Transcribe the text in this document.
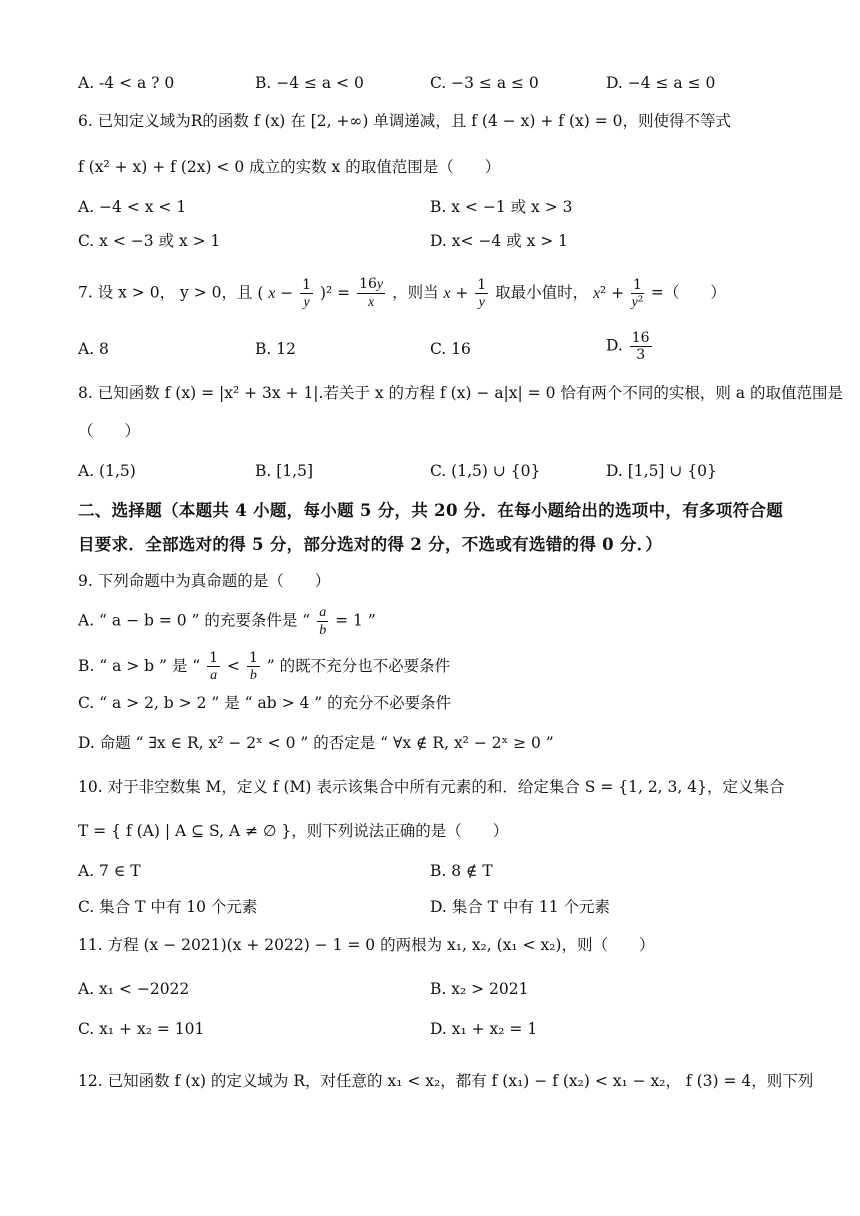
A. -4 < a ? 0	B. −4 ≤ a < 0	C. −3 ≤ a ≤ 0	D. −4 ≤ a ≤ 0
6. 已知定义域为R的函数 f (x) 在 [2, +∞) 单调递减，且 f (4 − x) + f (x) = 0，则使得不等式
f (x² + x) + f (2x) < 0 成立的实数 x 的取值范围是（　　）
A. −4 < x < 1	B. x < −1 或 x > 3
C. x < −3 或 x > 1	D. x< −4 或 x > 1
7. 设 x > 0， y > 0，且 ( $x - \frac{1}{y} )^2 = \frac{16y}{x}$ ，则当 $x + \frac{1}{y}$ 取最小值时， $x^2 + \frac{1}{\text{y²}}$ =（　　）
A. 8	B. 12	C. 16	D. $\frac{16}{3}$
8. 已知函数 f (x) = |x² + 3x + 1|.若关于 x 的方程 f (x) − a|x| = 0 恰有两个不同的实根，则 a 的取值范围是
（　　）
A. (1,5)	B. [1,5]	C. (1,5) ∪ {0}	D. [1,5] ∪ {0}
二、选择题（本题共 4 小题，每小题 5 分，共 20 分．在每小题给出的选项中，有多项符合题
目要求．全部选对的得 5 分，部分选对的得 2 分，不选或有选错的得 0 分．）
9. 下列命题中为真命题的是（　　）
A. “ a − b = 0 ” 的充要条件是 “ $\frac{a}{b} = 1$ ”
B. “ a > b ” 是 “ $\frac{1}{a} < \frac{1}{b}$ ” 的既不充分也不必要条件
C. “ a > 2, b > 2 ” 是 “ ab > 4 ” 的充分不必要条件
D. 命题 “ ∃x ∈ R, x² − 2ˣ < 0 ” 的否定是 “ ∀x ∉ R, x² − 2ˣ ≥ 0 ”
10. 对于非空数集 M，定义 f (M) 表示该集合中所有元素的和．给定集合 S = {1, 2, 3, 4}，定义集合
T = { f (A) | A ⊆ S, A ≠ ∅ }，则下列说法正确的是（　　）
A. 7 ∈ T	B. 8 ∉ T
C. 集合 T 中有 10 个元素	D. 集合 T 中有 11 个元素
11. 方程 (x − 2021)(x + 2022) − 1 = 0 的两根为 x₁, x₂, (x₁ < x₂)，则（　　）
A. x₁ < −2022	B. x₂ > 2021
C. x₁ + x₂ = 101	D. x₁ + x₂ = 1
12. 已知函数 f (x) 的定义域为 R，对任意的 x₁ < x₂，都有 f (x₁) − f (x₂) < x₁ − x₂， f (3) = 4，则下列
